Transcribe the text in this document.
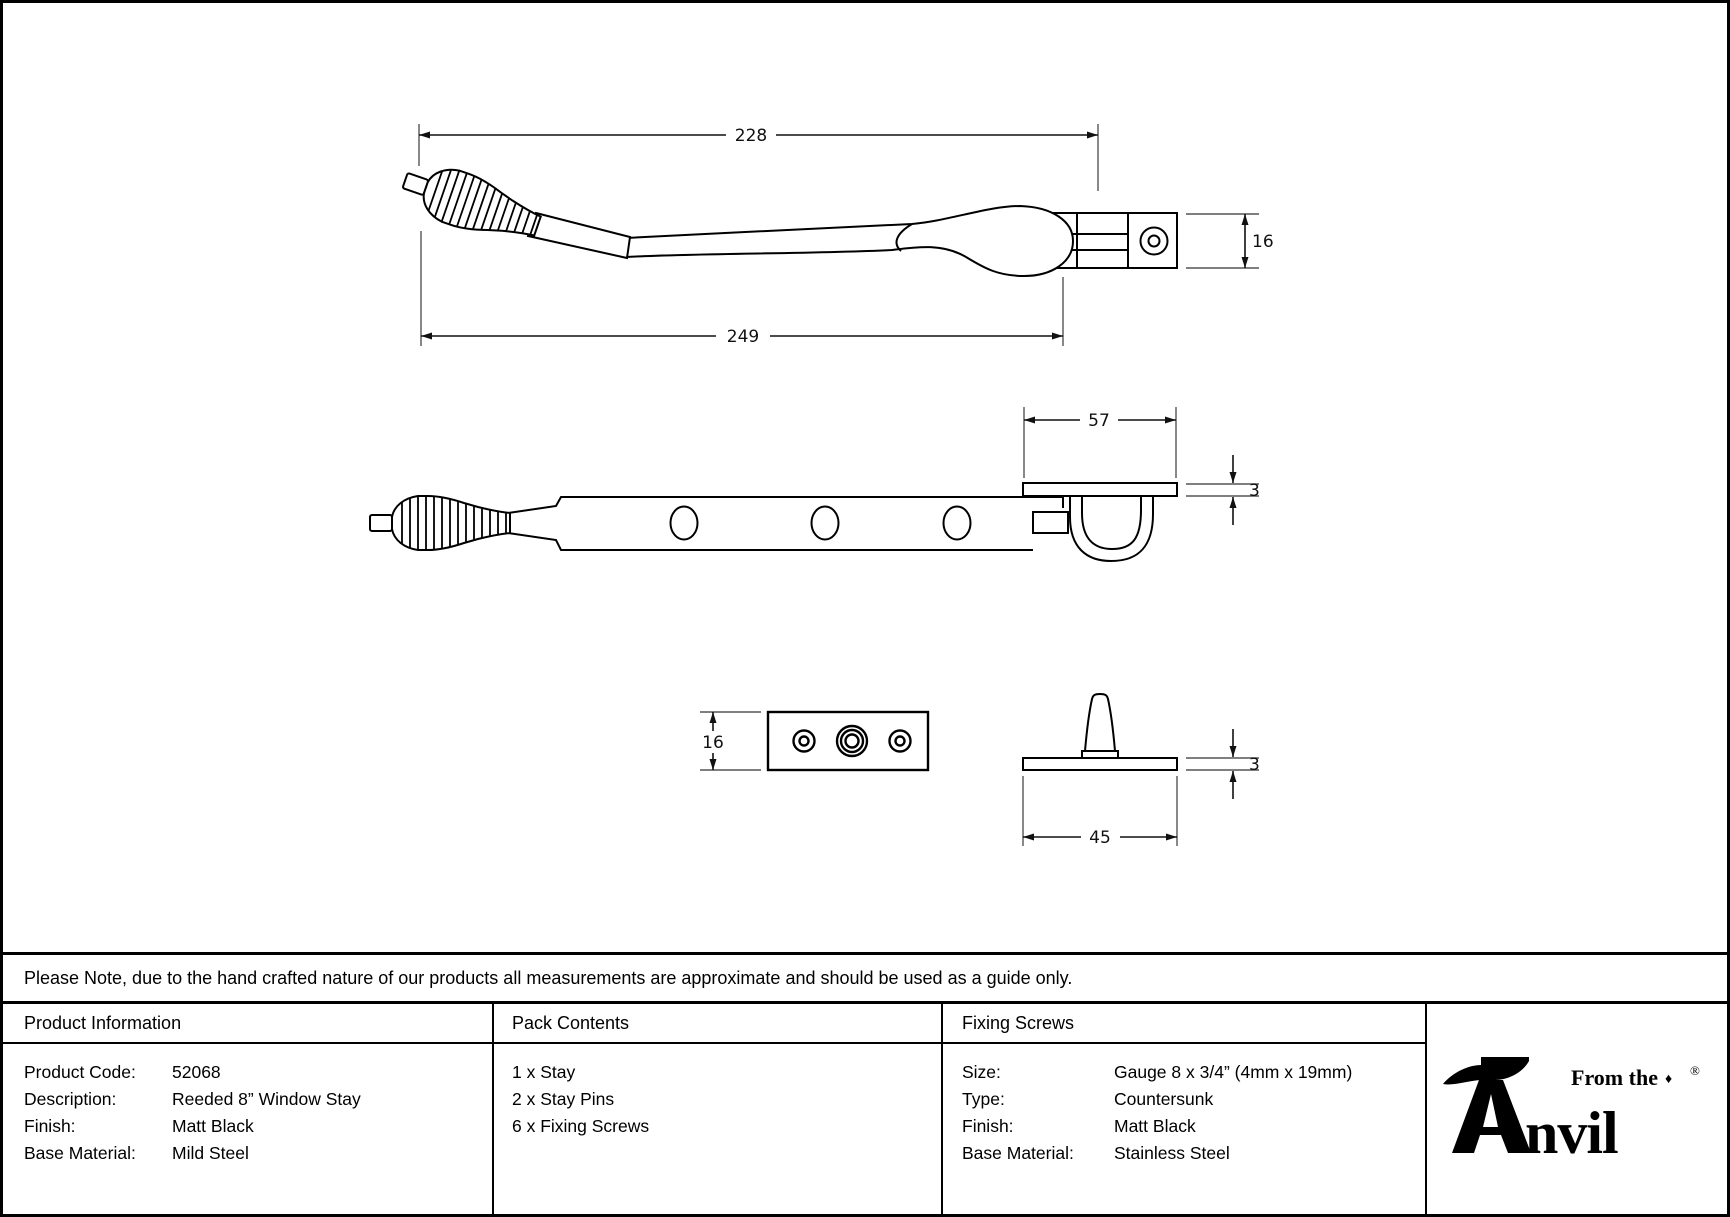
228
249
16
57
3
16
3
45
Please Note, due to the hand crafted nature of our products all measurements are approximate and should be used as a guide only.
Product Information	Pack Contents	Fixing Screws
Product Code:	52068
Description:	Reeded 8” Window Stay
Finish:	Matt Black
Base Material:	Mild Steel
1 x Stay
2 x Stay Pins
6 x Fixing Screws
Size:	Gauge 8 x 3/4” (4mm x 19mm)
Type:	Countersunk
Finish:	Matt Black
Base Material:	Stainless Steel	nvil
From the ♦ ®
